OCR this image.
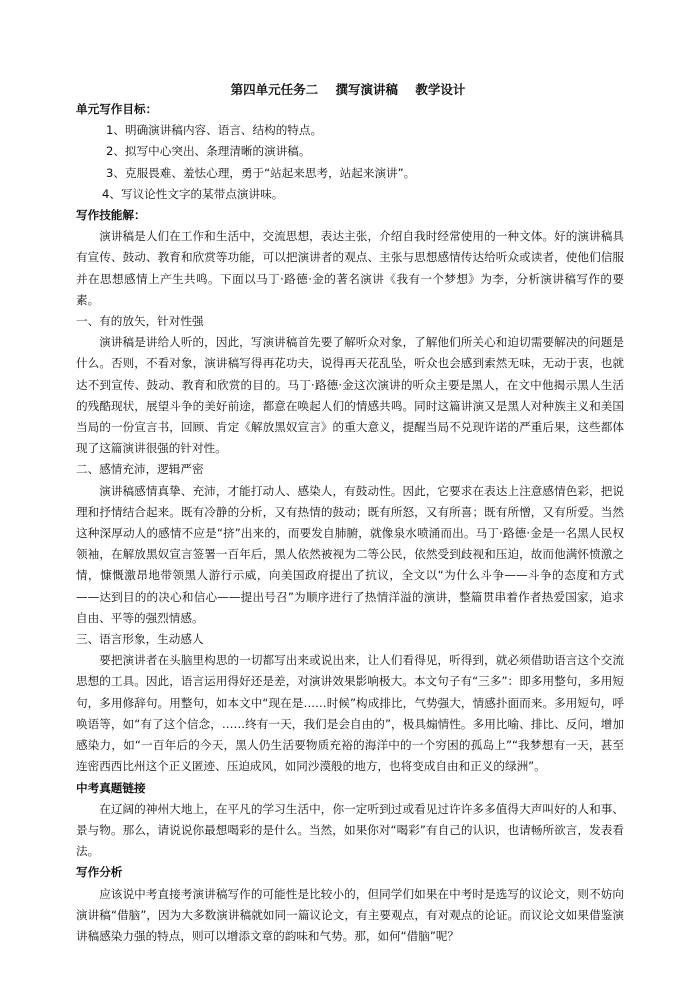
第四单元任务二    撰写演讲稿    教学设计

单元写作目标：

1、明确演讲稿内容、语言、结构的特点。

2、拟写中心突出、条理清晰的演讲稿。

3、克服畏难、羞怯心理，勇于“站起来思考，站起来演讲”。

4、写议论性文字的某带点演讲味。

写作技能解：

演讲稿是人们在工作和生活中，交流思想，表达主张，介绍自我时经常使用的一种文体。好的演讲稿具有宣传、鼓动、教育和欣赏等功能，可以把演讲者的观点、主张与思想感情传达给听众或读者，使他们信服并在思想感情上产生共鸣。下面以马丁·路德·金的著名演讲《我有一个梦想》为李，分析演讲稿写作的要素。

一、有的放矢，针对性强

演讲稿是讲给人听的，因此，写演讲稿首先要了解听众对象，了解他们所关心和迫切需要解决的问题是什么。否则，不看对象，演讲稿写得再花功夫，说得再天花乱坠，听众也会感到索然无味，无动于衷，也就达不到宣传、鼓动、教育和欣赏的目的。马丁·路德·金这次演讲的听众主要是黑人，在文中他揭示黑人生活的残酷现状，展望斗争的美好前途，都意在唤起人们的情感共鸣。同时这篇讲演又是黑人对种族主义和美国当局的一份宣言书，回顾、肯定《解放黑奴宣言》的重大意义，提醒当局不兑现许诺的严重后果，这些都体现了这篇演讲很强的针对性。

二、感情充沛，逻辑严密

演讲稿感情真挚、充沛，才能打动人、感染人，有鼓动性。因此，它要求在表达上注意感情色彩，把说理和抒情结合起来。既有冷静的分析，又有热情的鼓动；既有所怒，又有所喜；既有所憎，又有所爱。当然这种深厚动人的感情不应是“挤”出来的，而要发自肺腑，就像泉水喷涌而出。马丁·路德·金是一名黑人民权领袖，在解放黑奴宣言签署一百年后，黑人依然被视为二等公民，依然受到歧视和压迫，故而他满怀愤激之情，慷慨激昂地带领黑人游行示威，向美国政府提出了抗议，全文以“为什么斗争——斗争的态度和方式——达到目的的决心和信心——提出号召”为顺序进行了热情洋溢的演讲，整篇贯串着作者热爱国家，追求自由、平等的强烈情感。

三、语言形象，生动感人

要把演讲者在头脑里构思的一切都写出来或说出来，让人们看得见，听得到，就必须借助语言这个交流思想的工具。因此，语言运用得好还是差，对演讲效果影响极大。本文句子有“三多”：即多用整句，多用短句，多用修辞句。用整句，如本文中“现在是……时候”构成排比，气势强大，情感扑面而来。多用短句，呼唤语等，如“有了这个信念，……终有一天，我们是会自由的”，极具煽情性。多用比喻、排比、反问，增加感染力，如“一百年后的今天，黑人仍生活要物质充裕的海洋中的一个穷困的孤岛上”“我梦想有一天，甚至连密西西比州这个正义匿迹、压迫成风，如同沙漠般的地方，也将变成自由和正义的绿洲”。

中考真题链接

在辽阔的神州大地上，在平凡的学习生活中，你一定听到过或看见过许许多多值得大声叫好的人和事、景与物。那么，请说说你最想喝彩的是什么。当然，如果你对“喝彩”有自己的认识，也请畅所欲言，发表看法。

写作分析

应该说中考直接考演讲稿写作的可能性是比较小的，但同学们如果在中考时是选写的议论文，则不妨向演讲稿“借脑”，因为大多数演讲稿就如同一篇议论文，有主要观点，有对观点的论证。而议论文如果借鉴演讲稿感染力强的特点，则可以增添文章的韵味和气势。那，如何“借脑”呢？
